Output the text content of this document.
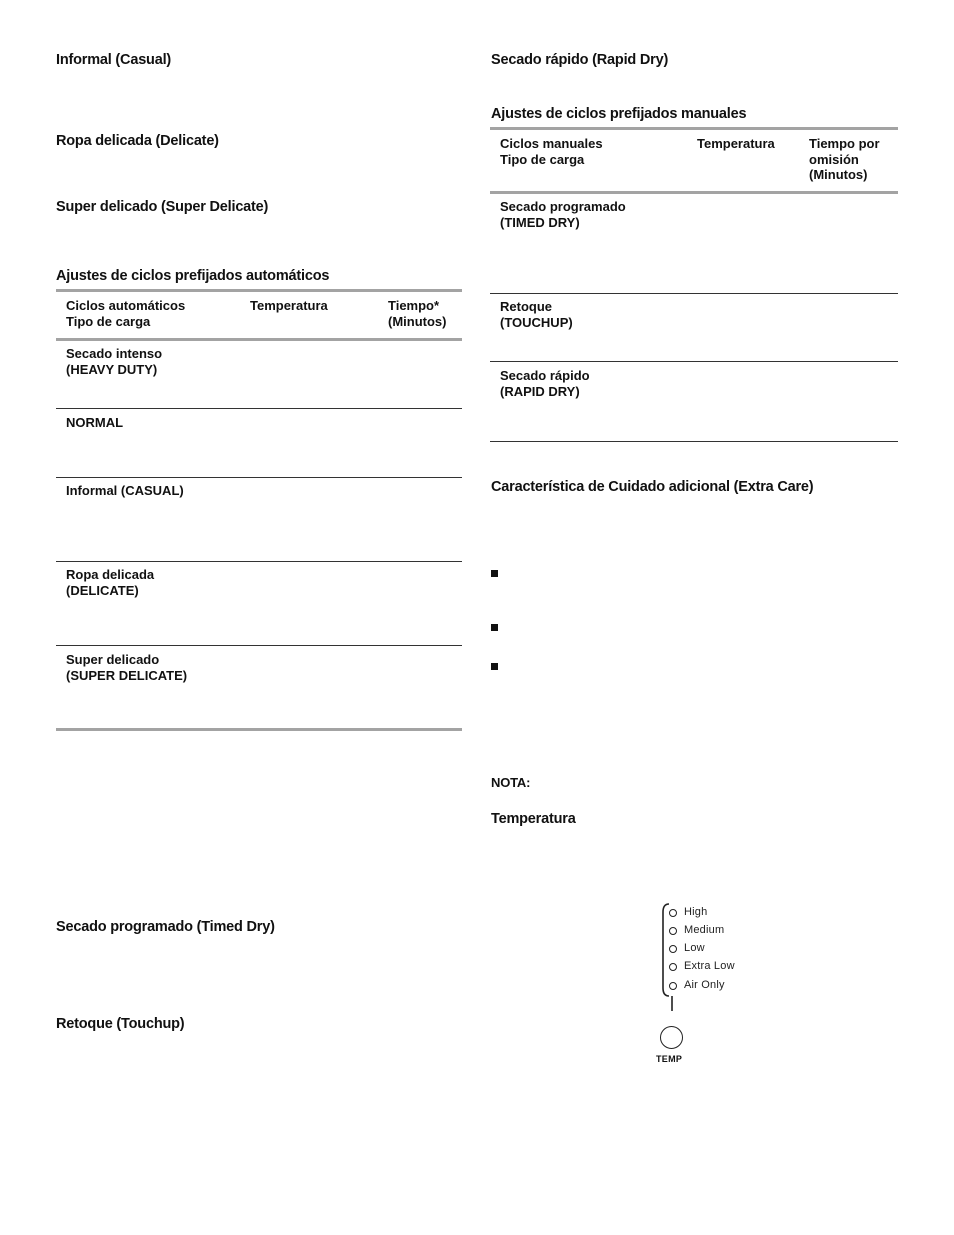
Informal (Casual)
Ropa delicada (Delicate)
Super delicado (Super Delicate)
Ajustes de ciclos prefijados automáticos
Ciclos automáticos
Tipo de carga
Temperatura	Tiempo*
(Minutos)
Secado intenso
(HEAVY DUTY)
NORMAL
Informal (CASUAL)
Ropa delicada
(DELICATE)
Super delicado
(SUPER DELICATE)
Secado programado (Timed Dry)
Retoque (Touchup)
Secado rápido (Rapid Dry)
Ajustes de ciclos prefijados manuales
Ciclos manuales
Tipo de carga
Temperatura	Tiempo por
omisión
(Minutos)
Secado programado
(TIMED DRY)
Retoque
(TOUCHUP)
Secado rápido
(RAPID DRY)
Característica de Cuidado adicional (Extra Care)
NOTA:
Temperatura
High
Medium
Low
Extra Low
Air Only
TEMP
